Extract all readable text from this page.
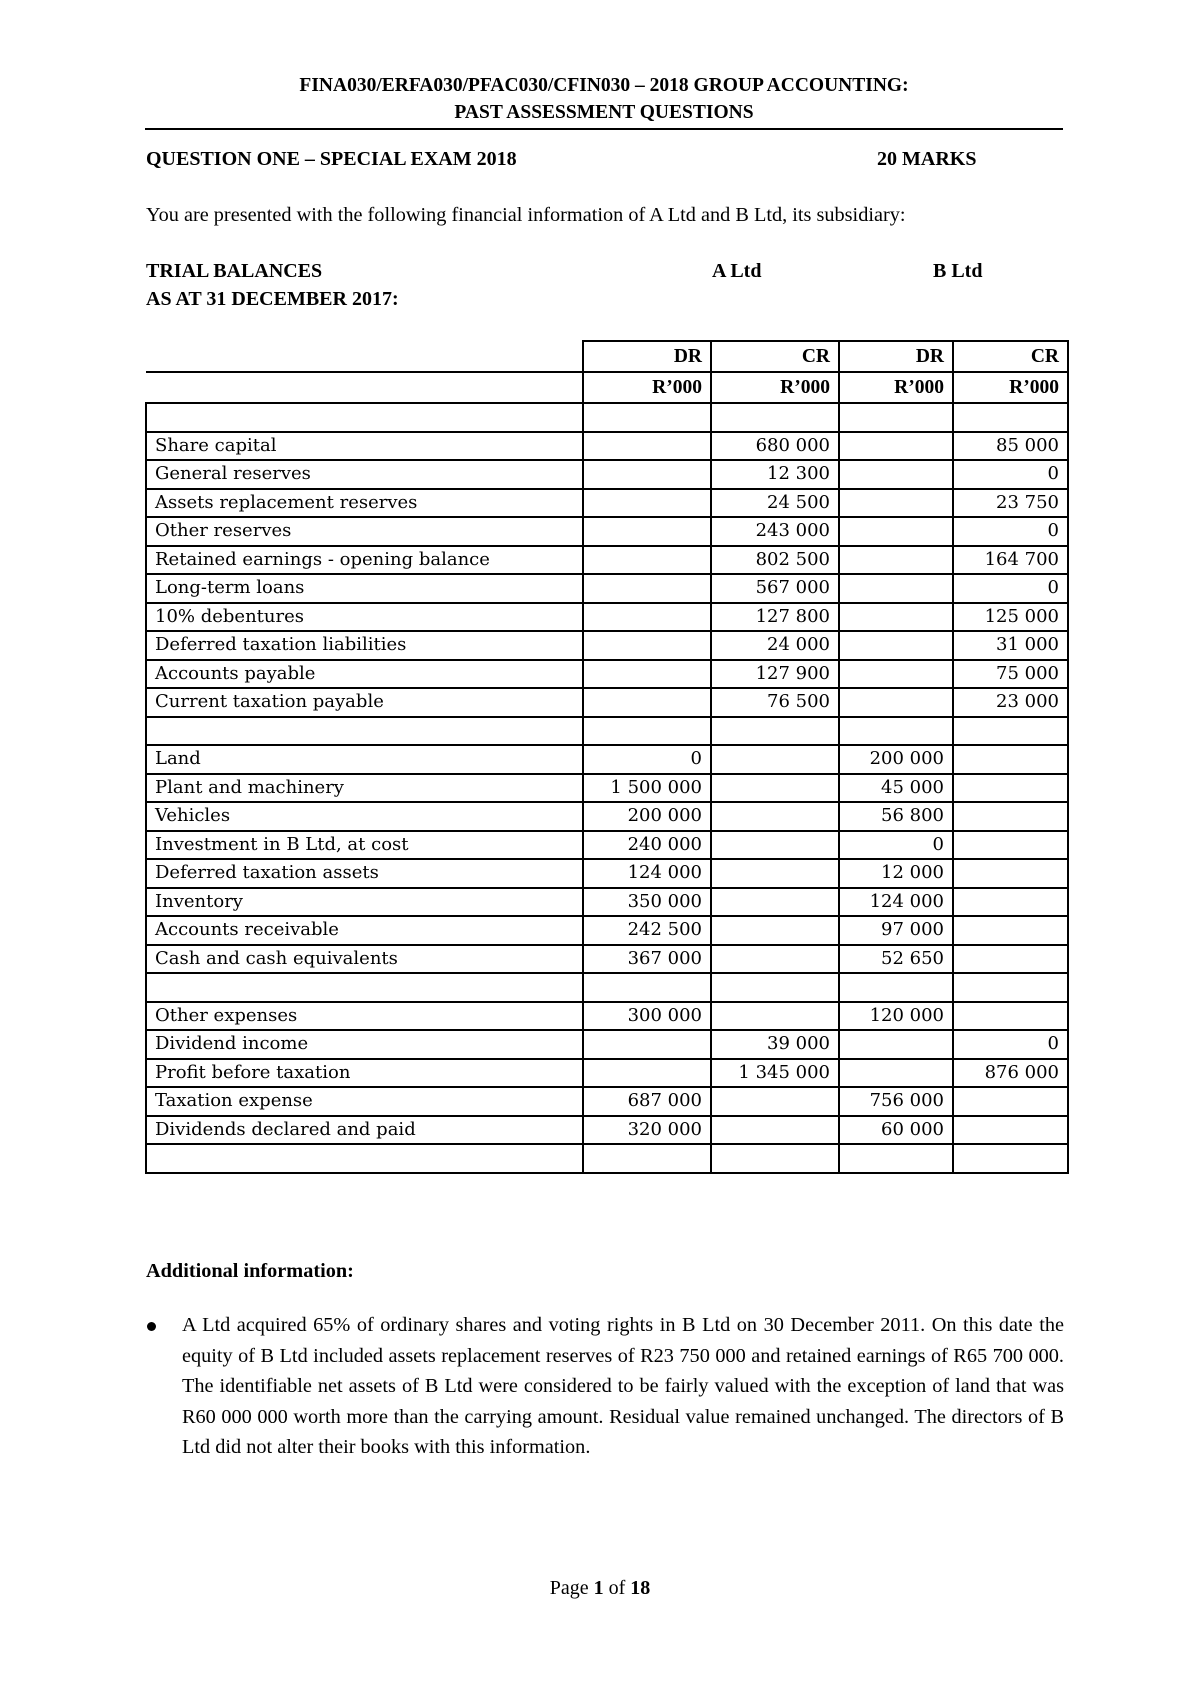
FINA030/ERFA030/PFAC030/CFIN030 – 2018 GROUP ACCOUNTING:
PAST ASSESSMENT QUESTIONS
QUESTION ONE – SPECIAL EXAM 2018	20 MARKS
You are presented with the following financial information of A Ltd and B Ltd, its subsidiary:
TRIAL BALANCES
AS AT 31 DECEMBER 2017:
A Ltd	B Ltd
	DR	CR	DR	CR
	R’000	R’000	R’000	R’000

Share capital		680 000		85 000
General reserves		12 300		0
Assets replacement reserves		24 500		23 750
Other reserves		243 000		0
Retained earnings - opening balance		802 500		164 700
Long-term loans		567 000		0
10% debentures		127 800		125 000
Deferred taxation liabilities		24 000		31 000
Accounts payable		127 900		75 000
Current taxation payable		76 500		23 000

Land	0		200 000	
Plant and machinery	1 500 000		45 000	
Vehicles	200 000		56 800	
Investment in B Ltd, at cost	240 000		0	
Deferred taxation assets	124 000		12 000	
Inventory	350 000		124 000	
Accounts receivable	242 500		97 000	
Cash and cash equivalents	367 000		52 650	

Other expenses	300 000		120 000	
Dividend income		39 000		0
Profit before taxation		1 345 000		876 000
Taxation expense	687 000		756 000	
Dividends declared and paid	320 000		60 000	

Additional information:
A Ltd acquired 65% of ordinary shares and voting rights in B Ltd on 30 December 2011. On this date the equity of B Ltd included assets replacement reserves of R23 750 000 and retained earnings of R65 700 000. The identifiable net assets of B Ltd were considered to be fairly valued with the exception of land that was R60 000 000 worth more than the carrying amount. Residual value remained unchanged. The directors of B Ltd did not alter their books with this information.
Page 1 of 18
